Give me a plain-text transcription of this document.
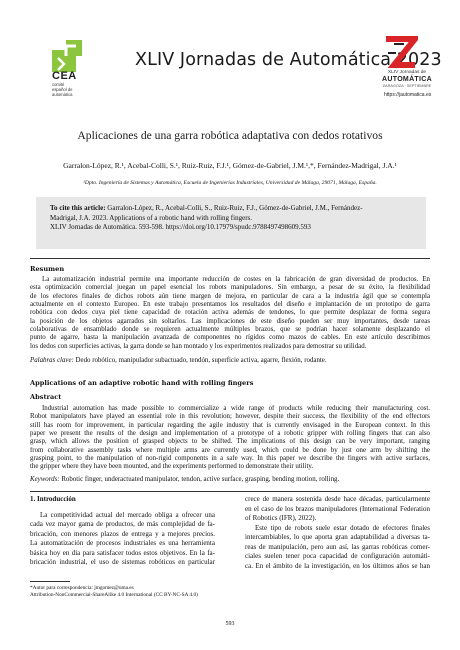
CEA
comité
español de
automática
XLIV Jornadas de Automática 2023
XLIV Jornadas de
AUTOMÁTICA
ZARAGOZA · SEPTIEMBRE
https://jautomatica.es
Aplicaciones de una garra robótica adaptativa con dedos rotativos
Garralon-López, R.¹, Acebal-Colli, S.¹, Ruiz-Ruiz, F.J.¹, Gómez-de-Gabriel, J.M.¹,*, Fernández-Madrigal, J.A.¹
¹Dpto. Ingeniería de Sistemas y Automática, Escuela de Ingenierías Industriales, Universidad de Málaga, 29071, Málaga, España.
To cite this article: Garralon-López, R., Acebal-Colli, S., Ruiz-Ruiz, F.J., Gómez-de-Gabriel, J.M., Fernández-
Madrigal, J.A. 2023. Applications of a robotic hand with rolling fingers.
XLIV Jornadas de Automática. 593-598. https://doi.org/10.17979/spudc.9788497498609.593
Resumen
La automatización industrial permite una importante reducción de costes en la fabricación de gran diversidad de productos. En
esta optimización comercial juegan un papel esencial los robots manipuladores. Sin embargo, a pesar de su éxito, la flexibilidad
de los efectores finales de dichos robots aún tiene margen de mejora, en particular de cara a la industria ágil que se contempla
actualmente en el contexto Europeo. En este trabajo presentamos los resultados del diseño e implantación de un prototipo de garra
robótica con dedos cuya piel tiene capacidad de rotación activa además de tendones, lo que permite desplazar de forma segura
la posición de los objetos agarrados sin soltarlos. Las implicaciones de este diseño pueden ser muy importantes, desde tareas
colaborativas de ensamblado donde se requieren actualmente múltiples brazos, que se podrían hacer solamente desplazando el
punto de agarre, hasta la manipulación avanzada de componentes no rígidos como mazos de cables. En este artículo describimos
los dedos con superficies activas, la garra donde se han montado y los experimentos realizados para demostrar su utilidad.
Palabras clave: Dedo robótico, manipulador subactuado, tendón, superficie activa, agarre, flexión, rodante.
Applications of an adaptive robotic hand with rolling fingers
Abstract
Industrial automation has made possible to commercialize a wide range of products while reducing their manufacturing cost.
Robot manipulators have played an essential role in this revolution; however, despite their success, the flexibility of the end effectors
still has room for improvement, in particular regarding the agile industry that is currently envisaged in the European context. In this
paper we present the results of the design and implementation of a prototype of a robotic gripper with rolling fingers that can also
grasp, which allows the position of grasped objects to be shifted. The implications of this design can be very important, ranging
from collaborative assembly tasks where multiple arms are currently used, which could be done by just one arm by shifting the
grasping point, to the manipulation of non-rigid components in a safe way. In this paper we describe the fingers with active surfaces,
the gripper where they have been mounted, and the experiments performed to demonstrate their utility.
Keywords: Robotic finger, underactuated manipulator, tendon, active surface, grasping, bending motion, rolling.
1. Introducción
La competitividad actual del mercado obliga a ofrecer una
cada vez mayor gama de productos, de más complejidad de fa-
bricación, con menores plazos de entrega y a mejores precios.
La automatización de procesos industriales es una herramienta
básica hoy en día para satisfacer todos estos objetivos. En la fa-
bricación industrial, el uso de sistemas robóticos en particular
crece de manera sostenida desde hace décadas, particularmente
en el caso de los brazos manipuladores (International Federation
of Robotics (IFR), 2022).
Este tipo de robots suele estar dotado de efectores finales
intercambiables, lo que aporta gran adaptabilidad a diversas ta-
reas de manipulación, pero aun así, las garras robóticas comer-
ciales suelen tener poca capacidad de configuración automáti-
ca. En el ámbito de la investigación, en los últimos años se han
*Autor para correspondencia: jmgomez@uma.es
Attribution-NonCommercial-ShareAlike 4.0 International (CC BY-NC-SA 4.0)
593
